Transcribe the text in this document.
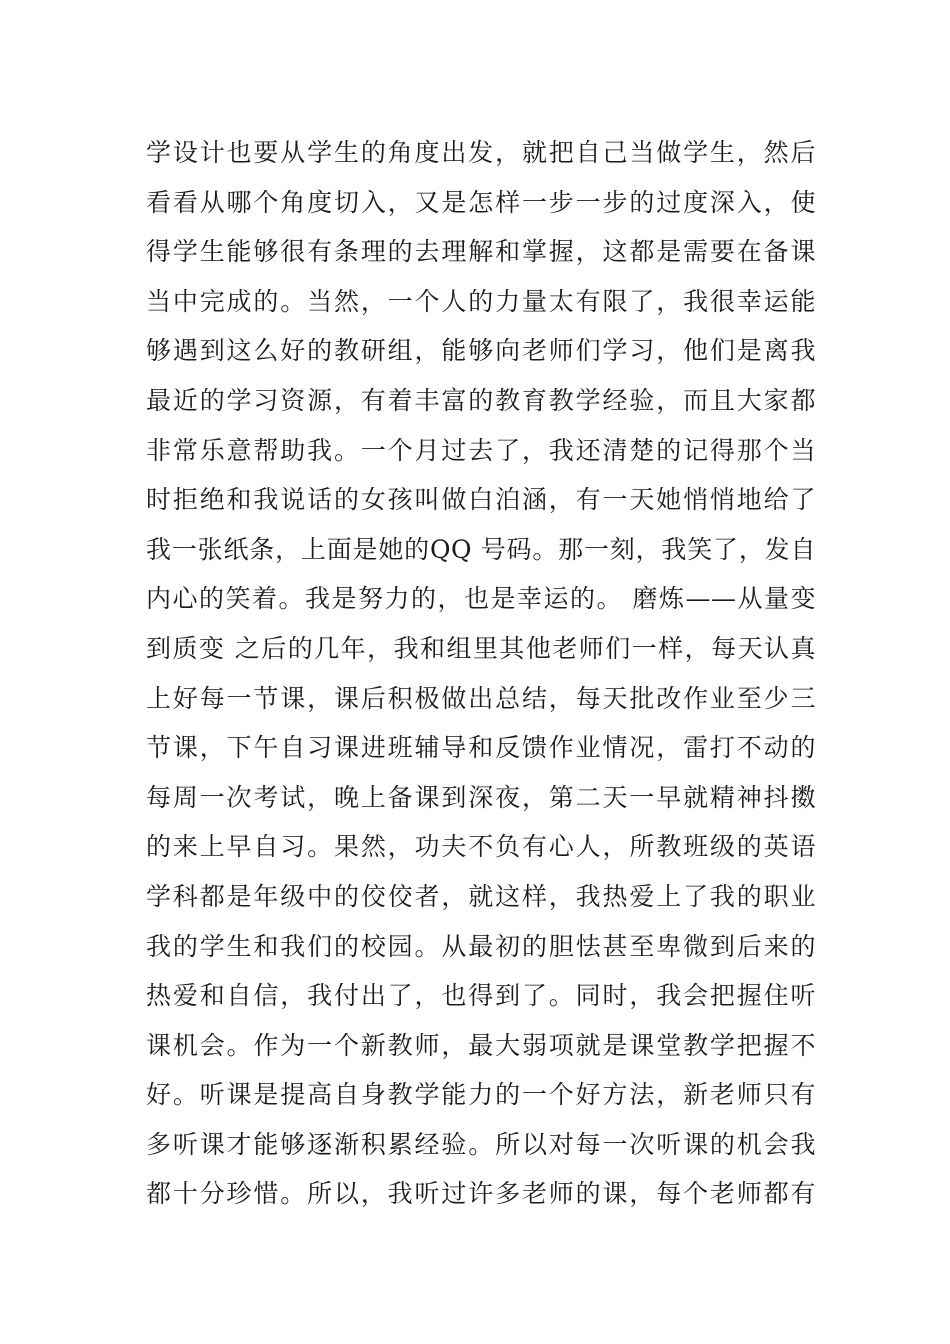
学设计也要从学生的角度出发，就把自己当做学生，然后
看看从哪个角度切入，又是怎样一步一步的过度深入，使
得学生能够很有条理的去理解和掌握，这都是需要在备课
当中完成的。当然，一个人的力量太有限了，我很幸运能
够遇到这么好的教研组，能够向老师们学习，他们是离我
最近的学习资源，有着丰富的教育教学经验，而且大家都
非常乐意帮助我。一个月过去了，我还清楚的记得那个当
时拒绝和我说话的女孩叫做白泊涵，有一天她悄悄地给了
我一张纸条，上面是她的QQ 号码。那一刻，我笑了，发自
内心的笑着。我是努力的，也是幸运的。 磨炼——从量变
到质变 之后的几年，我和组里其他老师们一样，每天认真
上好每一节课，课后积极做出总结，每天批改作业至少三
节课，下午自习课进班辅导和反馈作业情况，雷打不动的
每周一次考试，晚上备课到深夜，第二天一早就精神抖擞
的来上早自习。果然，功夫不负有心人，所教班级的英语
学科都是年级中的佼佼者，就这样，我热爱上了我的职业
我的学生和我们的校园。从最初的胆怯甚至卑微到后来的
热爱和自信，我付出了，也得到了。同时，我会把握住听
课机会。作为一个新教师，最大弱项就是课堂教学把握不
好。听课是提高自身教学能力的一个好方法，新老师只有
多听课才能够逐渐积累经验。所以对每一次听课的机会我
都十分珍惜。所以，我听过许多老师的课，每个老师都有
